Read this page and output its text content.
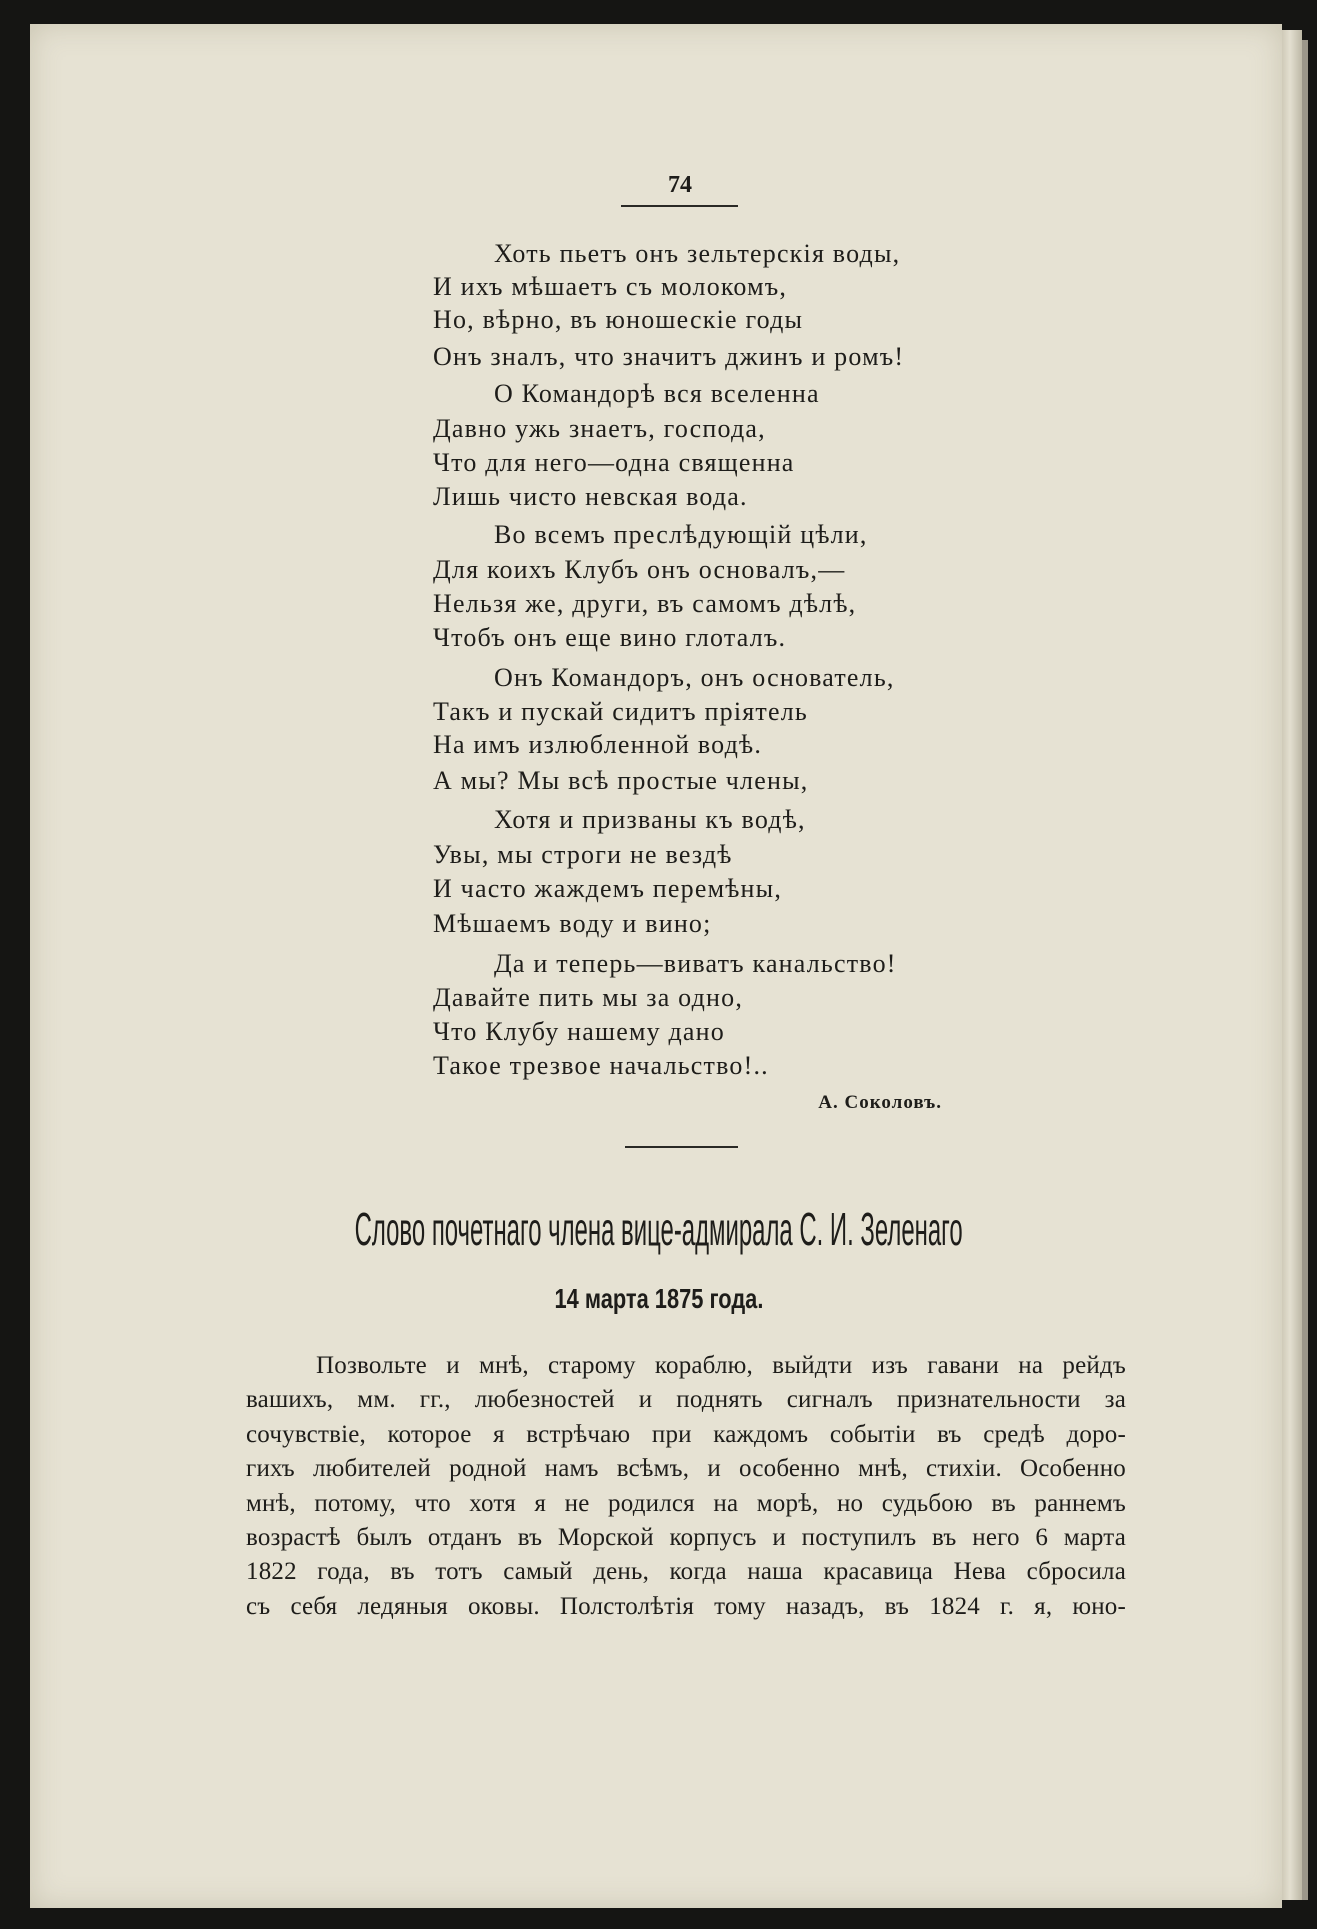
74
Хоть пьетъ онъ зельтерскія воды,
И ихъ мѣшаетъ съ молокомъ,
Но, вѣрно, въ юношескіе годы
Онъ зналъ, что значитъ джинъ и ромъ!
О Командорѣ вся вселенна
Давно ужь знаетъ, господа,
Что для него—одна священна
Лишь чисто невская вода.
Во всемъ преслѣдующій цѣли,
Для коихъ Клубъ онъ основалъ,—
Нельзя же, други, въ самомъ дѣлѣ,
Чтобъ онъ еще вино глоталъ.
Онъ Командоръ, онъ основатель,
Такъ и пускай сидитъ пріятель
На имъ излюбленной водѣ.
А мы? Мы всѣ простые члены,
Хотя и призваны къ водѣ,
Увы, мы строги не вездѣ
И часто жаждемъ перемѣны,
Мѣшаемъ воду и вино;
Да и теперь—виватъ канальство!
Давайте пить мы за одно,
Что Клубу нашему дано
Такое трезвое начальство!..
А. Соколовъ.
Слово почетнаго члена вице-адмирала С. И. Зеленаго
14 марта 1875 года.
Позвольте и мнѣ, старому кораблю, выйдти изъ гавани на рейдъ
вашихъ, мм. гг., любезностей и поднять сигналъ признательности за
сочувствіе, которое я встрѣчаю при каждомъ событіи въ средѣ доро-
гихъ любителей родной намъ всѣмъ, и особенно мнѣ, стихіи. Особенно
мнѣ, потому, что хотя я не родился на морѣ, но судьбою въ раннемъ
возрастѣ былъ отданъ въ Морской корпусъ и поступилъ въ него 6 марта
1822 года, въ тотъ самый день, когда наша красавица Нева сбросила
съ себя ледяныя оковы. Полстолѣтія тому назадъ, въ 1824 г. я, юно-
